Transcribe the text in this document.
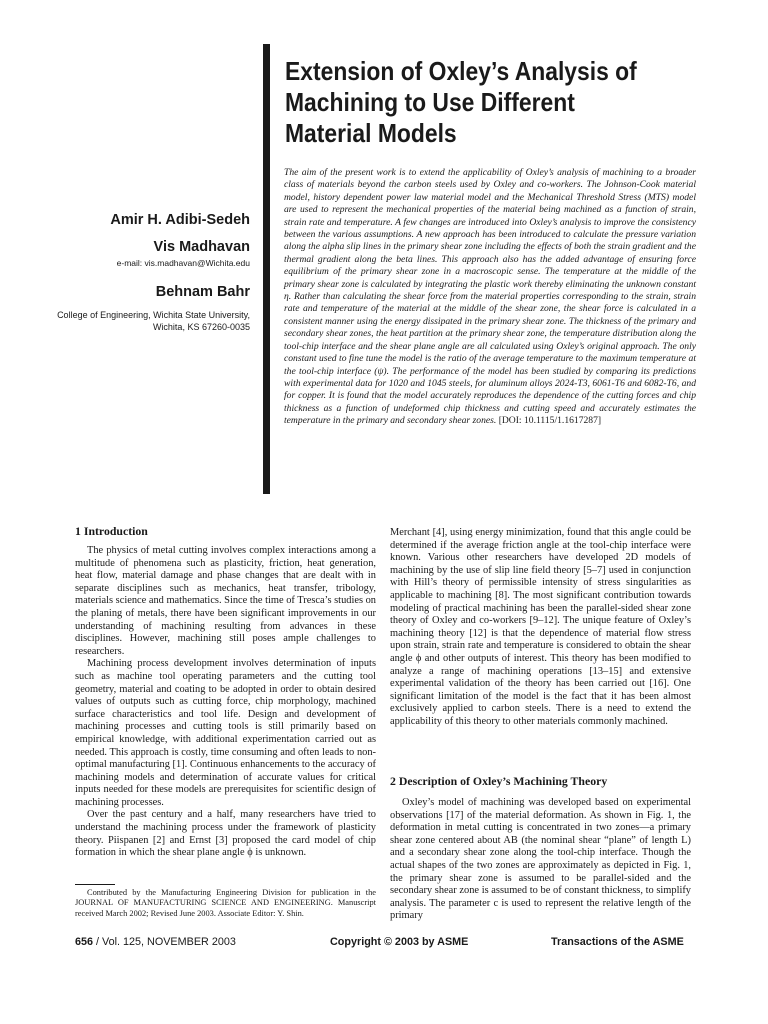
Extension of Oxley’s Analysis of Machining to Use Different Material Models

Amir H. Adibi-Sedeh

Vis Madhavan

e-mail: vis.madhavan@Wichita.edu

Behnam Bahr

College of Engineering, Wichita State University, Wichita, KS 67260-0035

The aim of the present work is to extend the applicability of Oxley’s analysis of machining to a broader class of materials beyond the carbon steels used by Oxley and co-workers. The Johnson-Cook material model, history dependent power law material model and the Mechanical Threshold Stress (MTS) model are used to represent the mechanical properties of the material being machined as a function of strain, strain rate and temperature. A few changes are introduced into Oxley’s analysis to improve the consistency between the various assumptions. A new approach has been introduced to calculate the pressure variation along the alpha slip lines in the primary shear zone including the effects of both the strain gradient and the thermal gradient along the beta lines. This approach also has the added advantage of ensuring force equilibrium of the primary shear zone in a macroscopic sense. The temperature at the middle of the primary shear zone is calculated by integrating the plastic work thereby eliminating the unknown constant η. Rather than calculating the shear force from the material properties corresponding to the strain, strain rate and temperature of the material at the middle of the shear zone, the shear force is calculated in a consistent manner using the energy dissipated in the primary shear zone. The thickness of the primary and secondary shear zones, the heat partition at the primary shear zone, the temperature distribution along the tool-chip interface and the shear plane angle are all calculated using Oxley’s original approach. The only constant used to fine tune the model is the ratio of the average temperature to the maximum temperature at the tool-chip interface (ψ). The performance of the model has been studied by comparing its predictions with experimental data for 1020 and 1045 steels, for aluminum alloys 2024-T3, 6061-T6 and 6082-T6, and for copper. It is found that the model accurately reproduces the dependence of the cutting forces and chip thickness as a function of undeformed chip thickness and cutting speed and accurately estimates the temperature in the primary and secondary shear zones. [DOI: 10.1115/1.1617287]

1 Introduction

The physics of metal cutting involves complex interactions among a multitude of phenomena such as plasticity, friction, heat generation, heat flow, material damage and phase changes that are dealt with in separate disciplines such as mechanics, heat transfer, tribology, materials science and mathematics. Since the time of Tresca’s studies on the planing of metals, there have been significant improvements in our understanding of machining resulting from advances in these disciplines. However, machining still poses ample challenges to researchers.

Machining process development involves determination of inputs such as machine tool operating parameters and the cutting tool geometry, material and coating to be adopted in order to obtain desired values of outputs such as cutting force, chip morphology, machined surface characteristics and tool life. Design and development of machining processes and cutting tools is still primarily based on empirical knowledge, with additional experimentation carried out as needed. This approach is costly, time consuming and often leads to non-optimal manufacturing [1]. Continuous enhancements to the accuracy of machining models and determination of accurate values for critical inputs needed for these models are prerequisites for scientific design of machining processes.

Over the past century and a half, many researchers have tried to understand the machining process under the framework of plasticity theory. Piispanen [2] and Ernst [3] proposed the card model of chip formation in which the shear plane angle ϕ is unknown.

Contributed by the Manufacturing Engineering Division for publication in the JOURNAL OF MANUFACTURING SCIENCE AND ENGINEERING. Manuscript received March 2002; Revised June 2003. Associate Editor: Y. Shin.

Merchant [4], using energy minimization, found that this angle could be determined if the average friction angle at the tool-chip interface were known. Various other researchers have developed 2D models of machining by the use of slip line field theory [5–7] used in conjunction with Hill’s theory of permissible intensity of stress singularities as applicable to machining [8]. The most significant contribution towards modeling of practical machining has been the parallel-sided shear zone theory of Oxley and co-workers [9–12]. The unique feature of Oxley’s machining theory [12] is that the dependence of material flow stress upon strain, strain rate and temperature is considered to obtain the shear angle ϕ and other outputs of interest. This theory has been modified to analyze a range of machining operations [13–15] and extensive experimental validation of the theory has been carried out [16]. One significant limitation of the model is the fact that it has been almost exclusively applied to carbon steels. There is a need to extend the applicability of this theory to other materials commonly machined.

2 Description of Oxley’s Machining Theory

Oxley’s model of machining was developed based on experimental observations [17] of the material deformation. As shown in Fig. 1, the deformation in metal cutting is concentrated in two zones—a primary shear zone centered about AB (the nominal shear “plane” of length L) and a secondary shear zone along the tool-chip interface. Though the actual shapes of the two zones are approximately as depicted in Fig. 1, the primary shear zone is assumed to be parallel-sided and the secondary shear zone is assumed to be of constant thickness, to simplify analysis. The parameter c is used to represent the relative length of the primary

656 / Vol. 125, NOVEMBER 2003	Copyright © 2003 by ASME	Transactions of the ASME
